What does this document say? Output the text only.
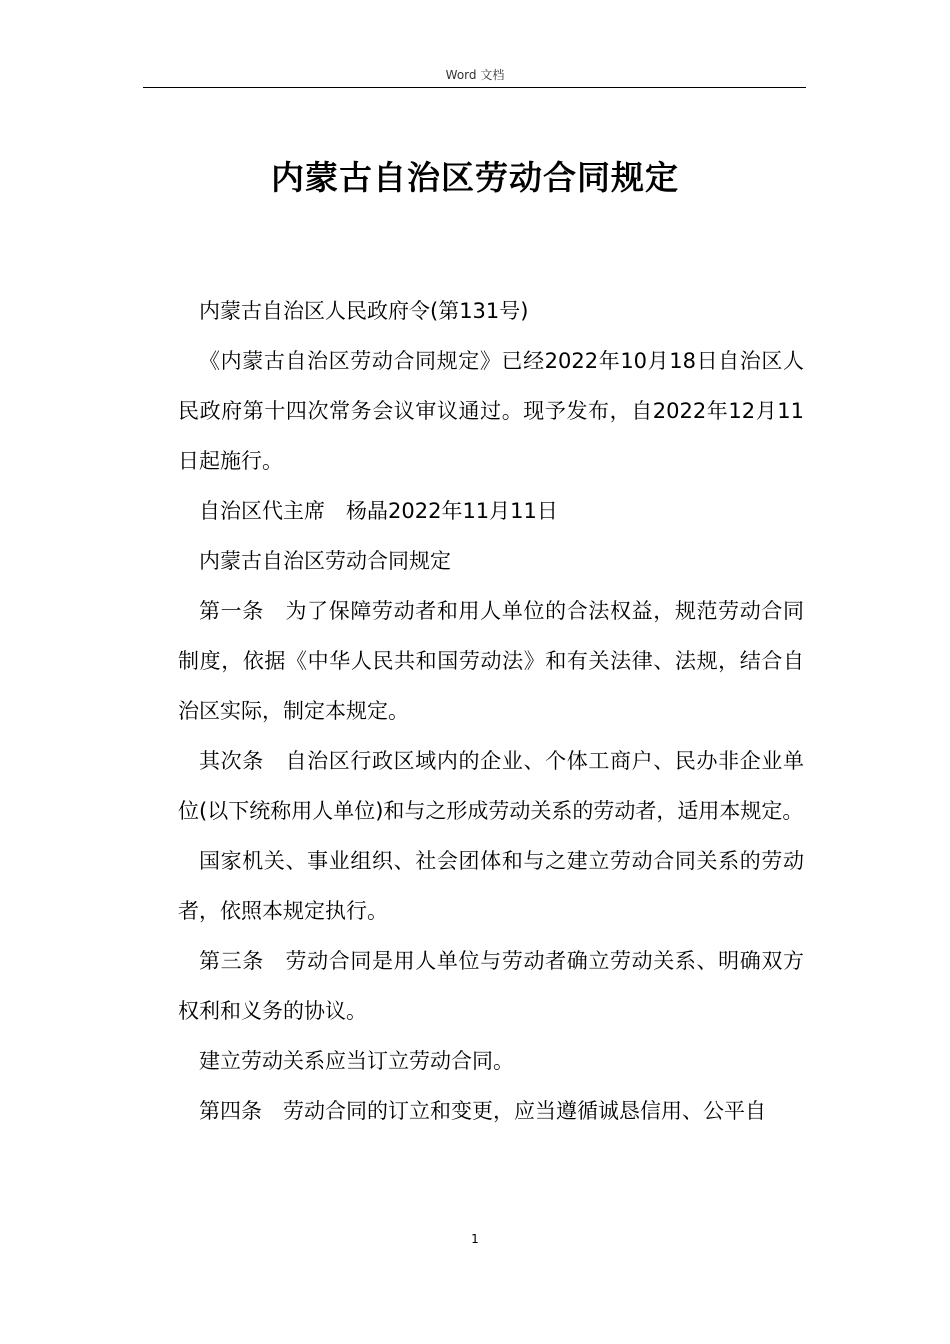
Word 文档
内蒙古自治区劳动合同规定

内蒙古自治区人民政府令(第131号)

《内蒙古自治区劳动合同规定》已经2022年10月18日自治区人民政府第十四次常务会议审议通过。现予发布，自2022年12月11日起施行。

自治区代主席　杨晶2022年11月11日

内蒙古自治区劳动合同规定

第一条　为了保障劳动者和用人单位的合法权益，规范劳动合同制度，依据《中华人民共和国劳动法》和有关法律、法规，结合自治区实际，制定本规定。

其次条　自治区行政区域内的企业、个体工商户、民办非企业单位(以下统称用人单位)和与之形成劳动关系的劳动者，适用本规定。

国家机关、事业组织、社会团体和与之建立劳动合同关系的劳动者，依照本规定执行。

第三条　劳动合同是用人单位与劳动者确立劳动关系、明确双方权利和义务的协议。

建立劳动关系应当订立劳动合同。

第四条　劳动合同的订立和变更，应当遵循诚恳信用、公平自

1
